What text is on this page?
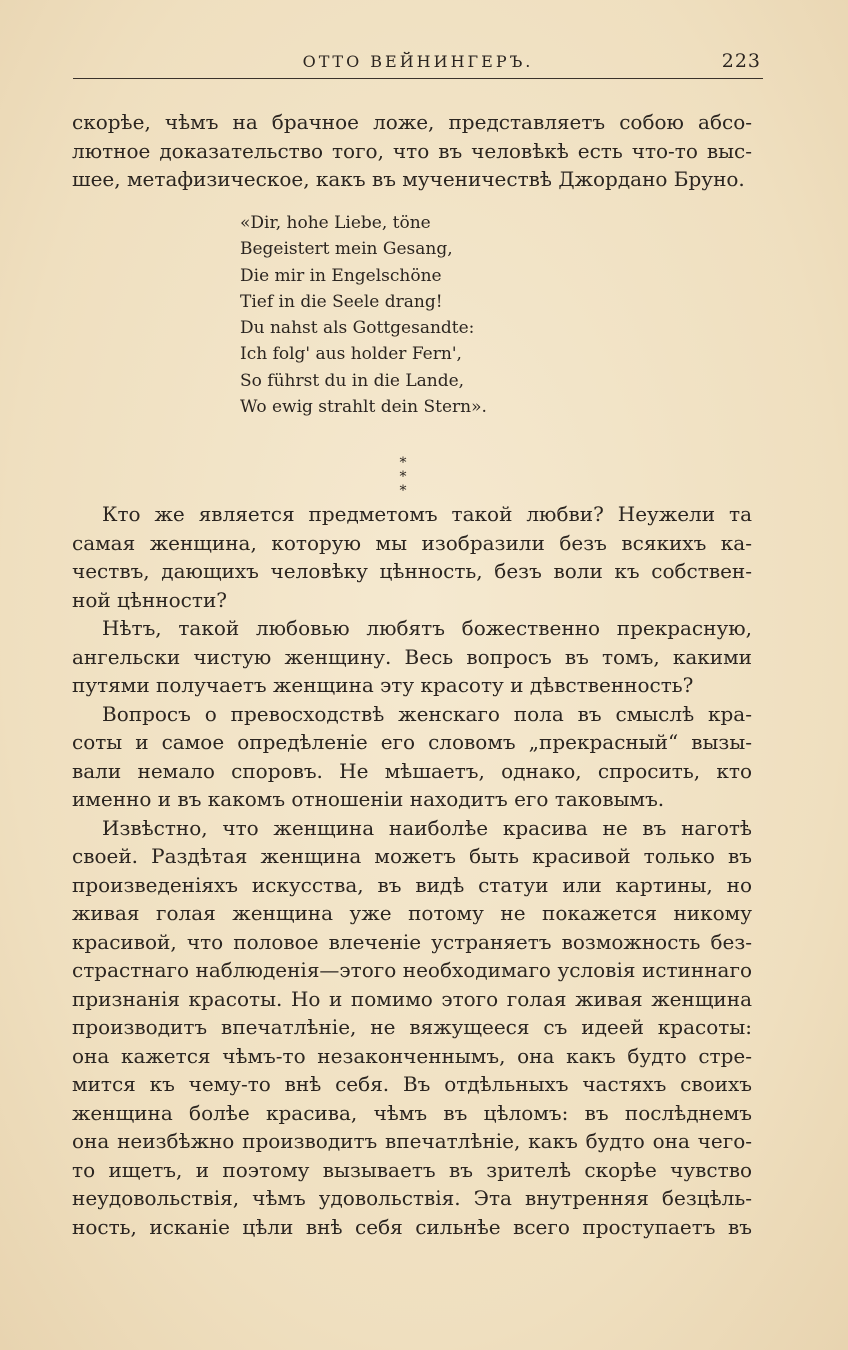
ОТТО ВЕЙНИНГЕРЪ.	223
скорѣе, чѣмъ на брачное ложе, представляетъ собою абсо-
лютное доказательство того, что въ человѣкѣ есть что-то выс-
шее, метафизическое, какъ въ мученичествѣ Джордано Бруно.
«Dir, hohe Liebe, töne
Begeistert mein Gesang,
Die mir in Engelschöne
Tief in die Seele drang!
Du nahst als Gottgesandte:
Ich folg' aus holder Fern',
So führst du in die Lande,
Wo ewig strahlt dein Stern».
* *
*
Кто же является предметомъ такой любви? Неужели та
самая женщина, которую мы изобразили безъ всякихъ ка-
чествъ, дающихъ человѣку цѣнность, безъ воли къ собствен-
ной цѣнности?
Нѣтъ, такой любовью любятъ божественно прекрасную,
ангельски чистую женщину. Весь вопросъ въ томъ, какими
путями получаетъ женщина эту красоту и дѣвственность?
Вопросъ о превосходствѣ женскаго пола въ смыслѣ кра-
соты и самое опредѣленіе его словомъ „прекрасный“ вызы-
вали немало споровъ. Не мѣшаетъ, однако, спросить, кто
именно и въ какомъ отношеніи находитъ его таковымъ.
Извѣстно, что женщина наиболѣе красива не въ наготѣ
своей. Раздѣтая женщина можетъ быть красивой только въ
произведеніяхъ искусства, въ видѣ статуи или картины, но
живая голая женщина уже потому не покажется никому
красивой, что половое влеченіе устраняетъ возможность без-
страстнаго наблюденія—этого необходимаго условія истиннаго
признанія красоты. Но и помимо этого голая живая женщина
производитъ впечатлѣніе, не вяжущееся съ идеей красоты:
она кажется чѣмъ-то незаконченнымъ, она какъ будто стре-
мится къ чему-то внѣ себя. Въ отдѣльныхъ частяхъ своихъ
женщина болѣе красива, чѣмъ въ цѣломъ: въ послѣднемъ
она неизбѣжно производитъ впечатлѣніе, какъ будто она чего-
то ищетъ, и поэтому вызываетъ въ зрителѣ скорѣе чувство
неудовольствія, чѣмъ удовольствія. Эта внутренняя безцѣль-
ность, исканіе цѣли внѣ себя сильнѣе всего проступаетъ въ
